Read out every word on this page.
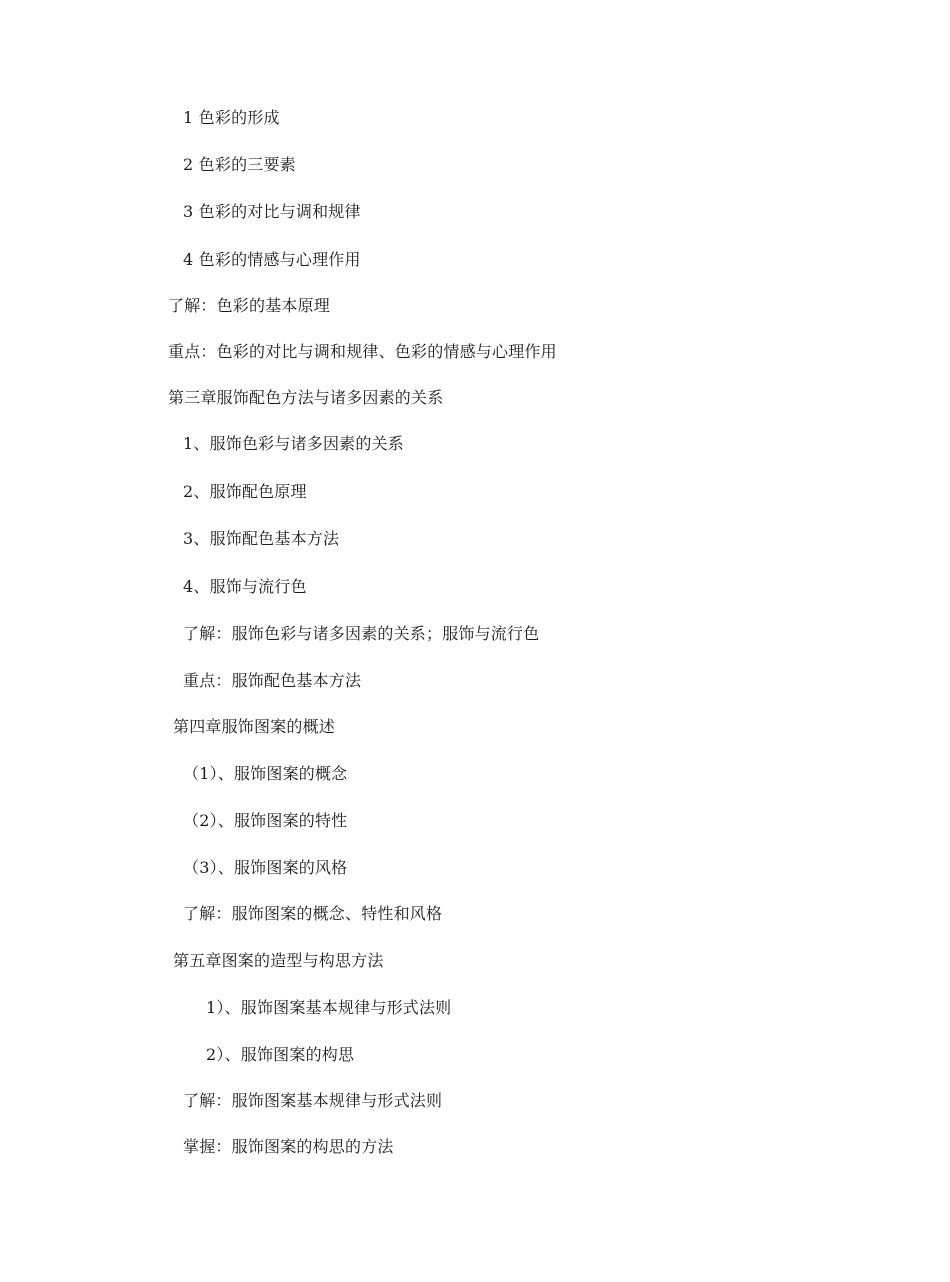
1 色彩的形成
2 色彩的三要素
3 色彩的对比与调和规律
4 色彩的情感与心理作用
了解：色彩的基本原理
重点：色彩的对比与调和规律、色彩的情感与心理作用
第三章服饰配色方法与诸多因素的关系
1、服饰色彩与诸多因素的关系
2、服饰配色原理
3、服饰配色基本方法
4、服饰与流行色
了解：服饰色彩与诸多因素的关系；服饰与流行色
重点：服饰配色基本方法
第四章服饰图案的概述
（1）、服饰图案的概念
（2）、服饰图案的特性
（3）、服饰图案的风格
了解：服饰图案的概念、特性和风格
第五章图案的造型与构思方法
1）、服饰图案基本规律与形式法则
2）、服饰图案的构思
了解：服饰图案基本规律与形式法则
掌握：服饰图案的构思的方法
